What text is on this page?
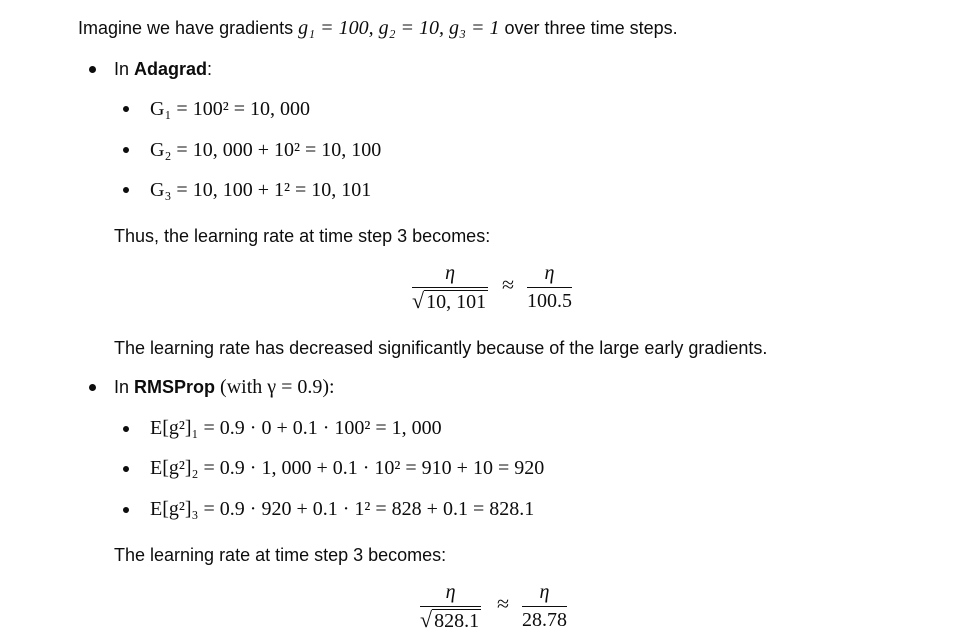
Imagine we have gradients g₁ = 100, g₂ = 10, g₃ = 1 over three time steps.
In Adagrad:
G₁ = 100² = 10, 000
G₂ = 10, 000 + 10² = 10, 100
G₃ = 10, 100 + 1² = 10, 101
Thus, the learning rate at time step 3 becomes:
η
√ 10, 101
≈ η
100.5
The learning rate has decreased significantly because of the large early gradients.
In RMSProp (with γ = 0.9):
E[g²]₁ = 0.9 · 0 + 0.1 · 100² = 1, 000
E[g²]₂ = 0.9 · 1, 000 + 0.1 · 10² = 910 + 10 = 920
E[g²]₃ = 0.9 · 920 + 0.1 · 1² = 828 + 0.1 = 828.1
The learning rate at time step 3 becomes:
η
√ 828.1
≈ η
28.78
